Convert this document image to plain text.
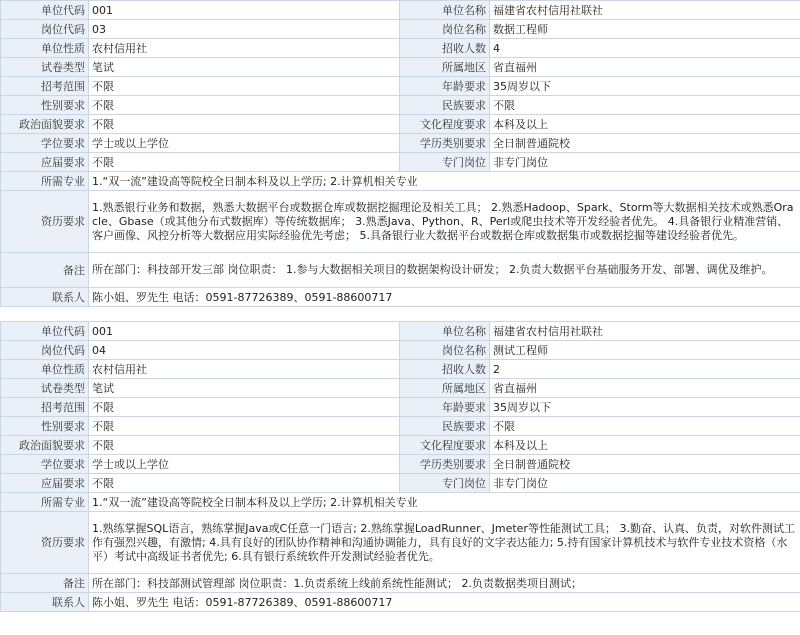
单位代码	001	单位名称	福建省农村信用社联社
岗位代码	03	岗位名称	数据工程师
单位性质	农村信用社	招收人数	4
试卷类型	笔试	所属地区	省直福州
招考范围	不限	年龄要求	35周岁以下
性别要求	不限	民族要求	不限
政治面貌要求	不限	文化程度要求	本科及以上
学位要求	学士或以上学位	学历类别要求	全日制普通院校
应届要求	不限	专门岗位	非专门岗位
所需专业	1.“双一流”建设高等院校全日制本科及以上学历; 2.计算机相关专业		
资历要求	1.熟悉银行业务和数据，熟悉大数据平台或数据仓库或数据挖掘理论及相关工具； 2.熟悉Hadoop、Spark、Storm等大数据相关技术或熟悉Oracle、Gbase（或其他分布式数据库）等传统数据库； 3.熟悉Java、Python、R、Perl或爬虫技术等开发经验者优先。 4.具备银行业精准营销、客户画像、风控分析等大数据应用实际经验优先考虑； 5.具备银行业大数据平台或数据仓库或数据集市或数据挖掘等建设经验者优先。		
备注	所在部门：科技部开发三部 岗位职责： 1.参与大数据相关项目的数据架构设计研发； 2.负责大数据平台基础服务开发、部署、调优及维护。		
联系人	陈小姐、罗先生 电话：0591-87726389、0591-88600717		
单位代码	001	单位名称	福建省农村信用社联社
岗位代码	04	岗位名称	测试工程师
单位性质	农村信用社	招收人数	2
试卷类型	笔试	所属地区	省直福州
招考范围	不限	年龄要求	35周岁以下
性别要求	不限	民族要求	不限
政治面貌要求	不限	文化程度要求	本科及以上
学位要求	学士或以上学位	学历类别要求	全日制普通院校
应届要求	不限	专门岗位	非专门岗位
所需专业	1.“双一流”建设高等院校全日制本科及以上学历; 2.计算机相关专业		
资历要求	1.熟练掌握SQL语言，熟练掌握Java或C任意一门语言; 2.熟练掌握LoadRunner、Jmeter等性能测试工具； 3.勤奋、认真、负责，对软件测试工作有强烈兴趣，有激情; 4.具有良好的团队协作精神和沟通协调能力，具有良好的文字表达能力; 5.持有国家计算机技术与软件专业技术资格（水平）考试中高级证书者优先; 6.具有银行系统软件开发测试经验者优先。		
备注	所在部门：科技部测试管理部 岗位职责：1.负责系统上线前系统性能测试； 2.负责数据类项目测试；		
联系人	陈小姐、罗先生 电话：0591-87726389、0591-88600717		
